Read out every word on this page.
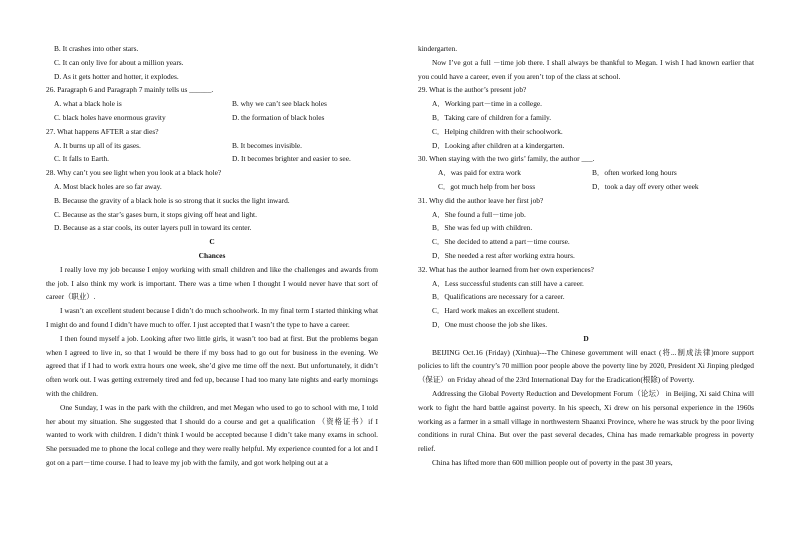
B. It crashes into other stars.
C. It can only live for about a million years.
D. As it gets hotter and hotter, it explodes.
26. Paragraph 6 and Paragraph 7 mainly tells us ______.
A. what a black hole is	B. why we can’t see black holes
C. black holes have enormous gravity	D. the formation of black holes
27. What happens AFTER a star dies?
A. It burns up all of its gases.	B. It becomes invisible.
C. It falls to Earth.	D. It becomes brighter and easier to see.
28. Why can’t you see light when you look at a black hole?
A. Most black holes are so far away.
B. Because the gravity of a black hole is so strong that it sucks the light inward.
C. Because as the star’s gases burn, it stops giving off heat and light.
D. Because as a star cools, its outer layers pull in toward its center.
C
Chances
I really love my job because I enjoy working with small children and like the challenges and awards from the job. I also think my work is important. There was a time when I thought I would never have that sort of career（职业）.
I wasn’t an excellent student because I didn’t do much schoolwork. In my final term I started thinking what I might do and found I didn’t have much to offer. I just accepted that I wasn’t the type to have a career.
I then found myself a job. Looking after two little girls, it wasn’t too bad at first. But the problems began when I agreed to live in, so that I would be there if my boss had to go out for business in the evening. We agreed that if I had to work extra hours one week, she’d give me time off the next. But unfortunately, it didn’t often work out. I was getting extremely tired and fed up, because I had too many late nights and early mornings with the children.
One Sunday, I was in the park with the children, and met Megan who used to go to school with me, I told her about my situation. She suggested that I should do a course and get a qualification （资格证书）if I wanted to work with children. I didn’t think I would be accepted because I didn’t take many exams in school. She persuaded me to phone the local college and they were really helpful. My experience counted for a lot and I got on a part－time course. I had to leave my job with the family, and got work helping out at a
kindergarten.
Now I’ve got a full －time job there. I shall always be thankful to Megan. I wish I had known earlier that you could have a career, even if you aren’t top of the class at school.
29. What is the author’s present job?
A．Working part－time in a college.
B．Taking care of children for a family.
C．Helping children with their schoolwork.
D．Looking after children at a kindergarten.
30. When staying with the two girls’ family, the author ___.
A．was paid for extra work	B．often worked long hours
C．got much help from her boss	D．took a day off every other week
31. Why did the author leave her first job?
A．She found a full－time job.
B．She was fed up with children.
C．She decided to attend a part－time course.
D．She needed a rest after working extra hours.
32. What has the author learned from her own experiences?
A．Less successful students can still have a career.
B．Qualifications are necessary for a career.
C．Hard work makes an excellent student.
D．One must choose the job she likes.
D
BEIJING Oct.16 (Friday) (Xinhua)---The Chinese government will enact (将...制成法律)more support policies to lift the country’s 70 million poor people above the poverty line by 2020, President Xi Jinping pledged（保证）on Friday ahead of the 23rd International Day for the Eradication(根除) of Poverty.
Addressing the Global Poverty Reduction and Development Forum（论坛） in Beijing, Xi said China will work to fight the hard battle against poverty. In his speech, Xi drew on his personal experience in the 1960s working as a farmer in a small village in northwestern Shaanxi Province, where he was struck by the poor living conditions in rural China. But over the past several decades, China has made remarkable progress in poverty relief.
China has lifted more than 600 million people out of poverty in the past 30 years,
